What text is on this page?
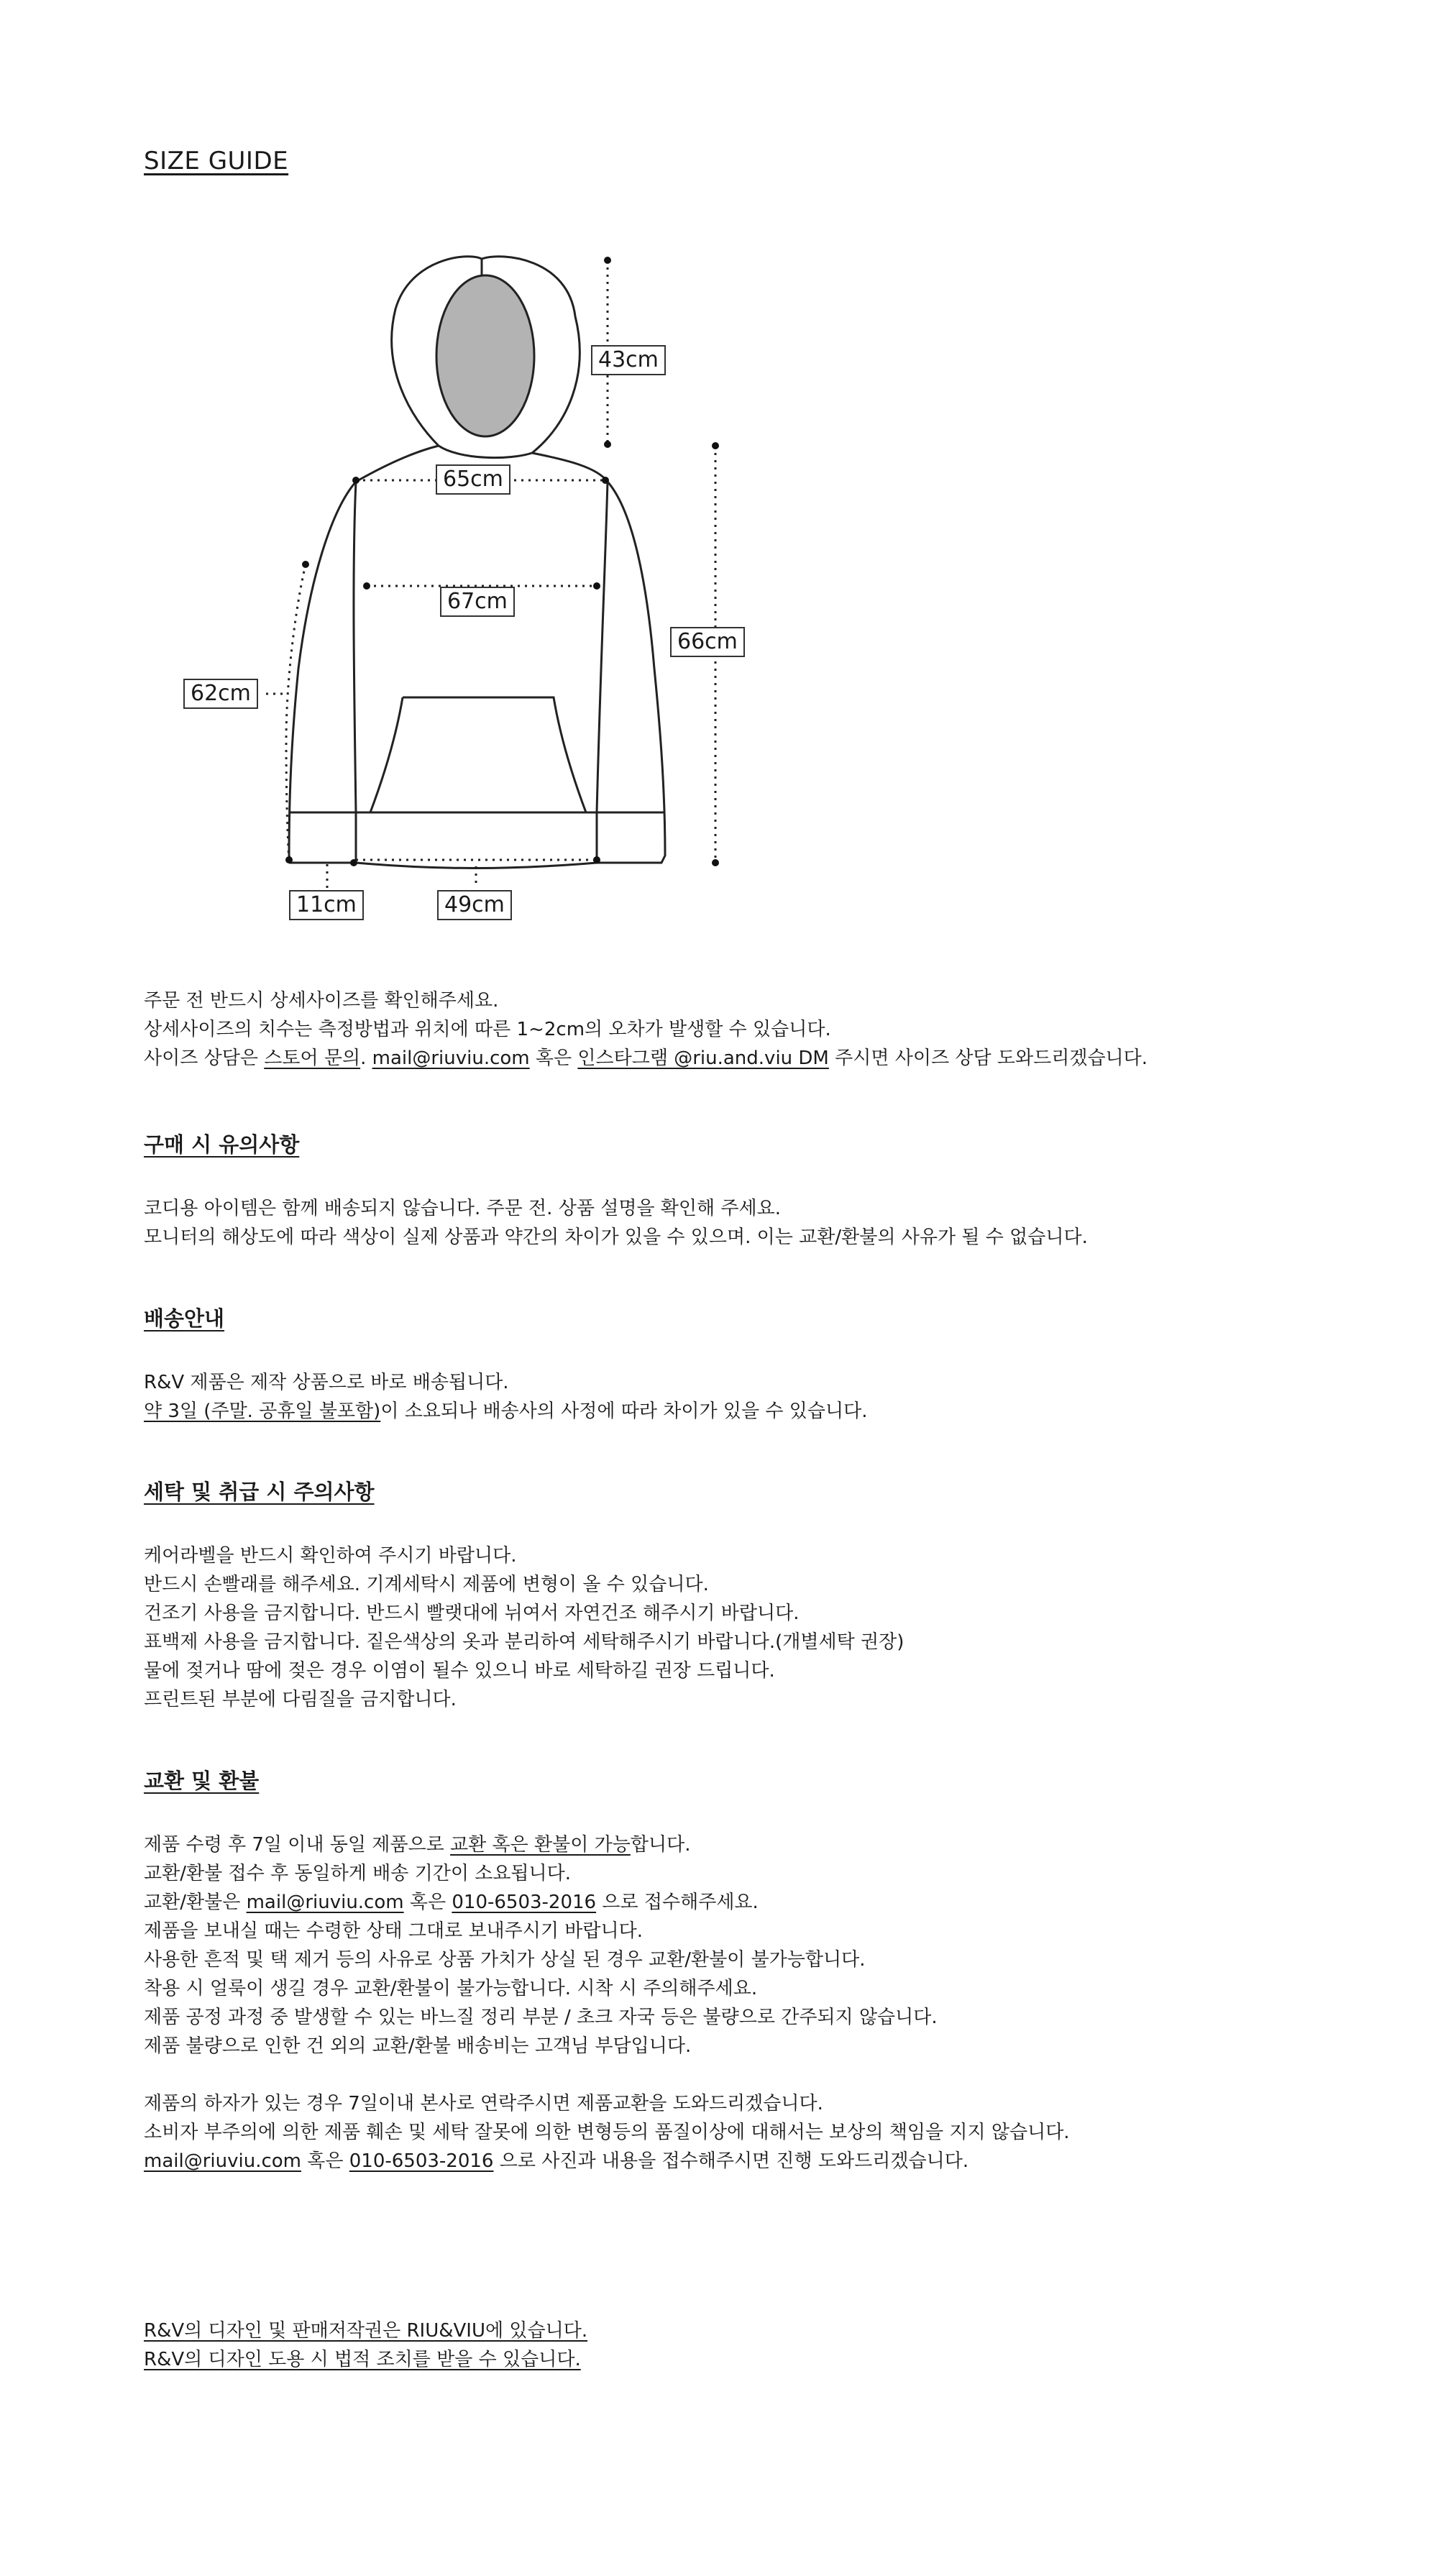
SIZE GUIDE
43cm
65cm
67cm
66cm
62cm
11cm	49cm

주문 전 반드시 상세사이즈를 확인해주세요.

상세사이즈의 치수는 측정방법과 위치에 따른 1~2cm의 오차가 발생할 수 있습니다.

사이즈 상담은 스토어 문의. mail@riuviu.com 혹은 인스타그램 @riu.and.viu DM 주시면 사이즈 상담 도와드리겠습니다.

구매 시 유의사항

코디용 아이템은 함께 배송되지 않습니다. 주문 전. 상품 설명을 확인해 주세요.

모니터의 해상도에 따라 색상이 실제 상품과 약간의 차이가 있을 수 있으며. 이는 교환/환불의 사유가 될 수 없습니다.

배송안내

R&V 제품은 제작 상품으로 바로 배송됩니다.

약 3일 (주말. 공휴일 불포함)이 소요되나 배송사의 사정에 따라 차이가 있을 수 있습니다.

세탁 및 취급 시 주의사항

케어라벨을 반드시 확인하여 주시기 바랍니다.

반드시 손빨래를 해주세요. 기계세탁시 제품에 변형이 올 수 있습니다.

건조기 사용을 금지합니다. 반드시 빨랫대에 뉘여서 자연건조 해주시기 바랍니다.

표백제 사용을 금지합니다. 짙은색상의 옷과 분리하여 세탁해주시기 바랍니다.(개별세탁 권장)

물에 젖거나 땀에 젖은 경우 이염이 될수 있으니 바로 세탁하길 권장 드립니다.

프린트된 부분에 다림질을 금지합니다.

교환 및 환불

제품 수령 후 7일 이내 동일 제품으로 교환 혹은 환불이 가능합니다.

교환/환불 접수 후 동일하게 배송 기간이 소요됩니다.

교환/환불은 mail@riuviu.com 혹은 010-6503-2016 으로 접수해주세요.

제품을 보내실 때는 수령한 상태 그대로 보내주시기 바랍니다.

사용한 흔적 및 택 제거 등의 사유로 상품 가치가 상실 된 경우 교환/환불이 불가능합니다.

착용 시 얼룩이 생길 경우 교환/환불이 불가능합니다. 시착 시 주의해주세요.

제품 공정 과정 중 발생할 수 있는 바느질 정리 부분 / 초크 자국 등은 불량으로 간주되지 않습니다.

제품 불량으로 인한 건 외의 교환/환불 배송비는 고객님 부담입니다.

제품의 하자가 있는 경우 7일이내 본사로 연락주시면 제품교환을 도와드리겠습니다.

소비자 부주의에 의한 제품 훼손 및 세탁 잘못에 의한 변형등의 품질이상에 대해서는 보상의 책임을 지지 않습니다.

mail@riuviu.com 혹은 010-6503-2016 으로 사진과 내용을 접수해주시면 진행 도와드리겠습니다.

R&V의 디자인 및 판매저작권은 RIU&VIU에 있습니다.

R&V의 디자인 도용 시 법적 조치를 받을 수 있습니다.
